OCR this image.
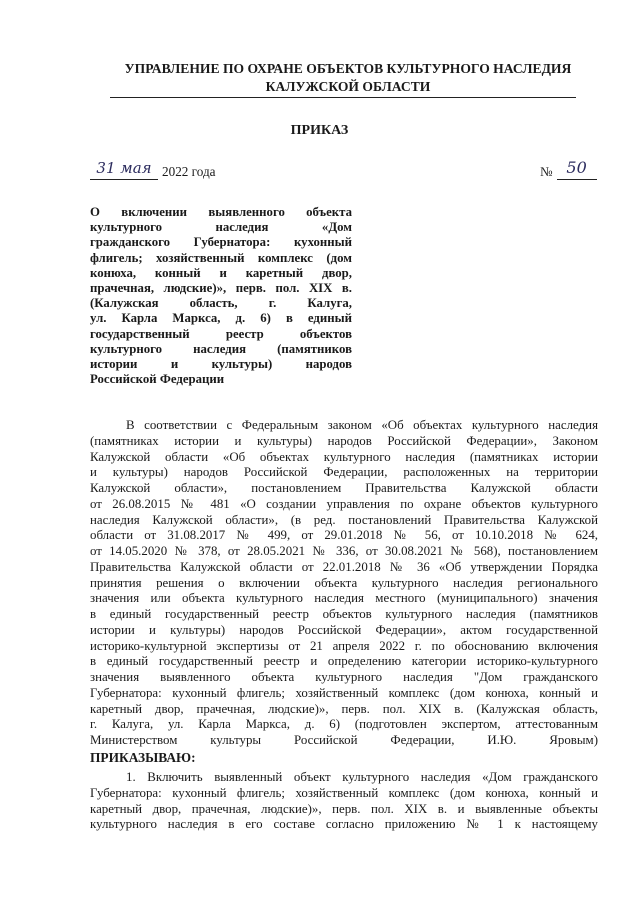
УПРАВЛЕНИЕ ПО ОХРАНЕ ОБЪЕКТОВ КУЛЬТУРНОГО НАСЛЕДИЯ
КАЛУЖСКОЙ ОБЛАСТИ
ПРИКАЗ
31 мая 2022 года	№ 50
О включении выявленного объекта
культурного наследия «Дом
гражданского Губернатора: кухонный
флигель; хозяйственный комплекс (дом
конюха, конный и каретный двор,
прачечная, людские)», перв. пол. XIX в.
(Калужская область, г. Калуга,
ул. Карла Маркса, д. 6) в единый
государственный реестр объектов
культурного наследия (памятников
истории и культуры) народов
Российской Федерации
В соответствии с Федеральным законом «Об объектах культурного наследия
(памятниках истории и культуры) народов Российской Федерации», Законом
Калужской области «Об объектах культурного наследия (памятниках истории
и культуры) народов Российской Федерации, расположенных на территории
Калужской области», постановлением Правительства Калужской области
от 26.08.2015 № 481 «О создании управления по охране объектов культурного
наследия Калужской области», (в ред. постановлений Правительства Калужской
области от 31.08.2017 № 499, от 29.01.2018 № 56, от 10.10.2018 № 624,
от 14.05.2020 № 378, от 28.05.2021 № 336, от 30.08.2021 № 568), постановлением
Правительства Калужской области от 22.01.2018 № 36 «Об утверждении Порядка
принятия решения о включении объекта культурного наследия регионального
значения или объекта культурного наследия местного (муниципального) значения
в единый государственный реестр объектов культурного наследия (памятников
истории и культуры) народов Российской Федерации», актом государственной
историко-культурной экспертизы от 21 апреля 2022 г. по обоснованию включения
в единый государственный реестр и определению категории историко-культурного
значения выявленного объекта культурного наследия "Дом гражданского
Губернатора: кухонный флигель; хозяйственный комплекс (дом конюха, конный и
каретный двор, прачечная, людские)», перв. пол. XIX в. (Калужская область,
г. Калуга, ул. Карла Маркса, д. 6) (подготовлен экспертом, аттестованным
Министерством культуры Российской Федерации, И.Ю. Яровым)
ПРИКАЗЫВАЮ:
1. Включить выявленный объект культурного наследия «Дом гражданского
Губернатора: кухонный флигель; хозяйственный комплекс (дом конюха, конный и
каретный двор, прачечная, людские)», перв. пол. XIX в. и выявленные объекты
культурного наследия в его составе согласно приложению № 1 к настоящему
